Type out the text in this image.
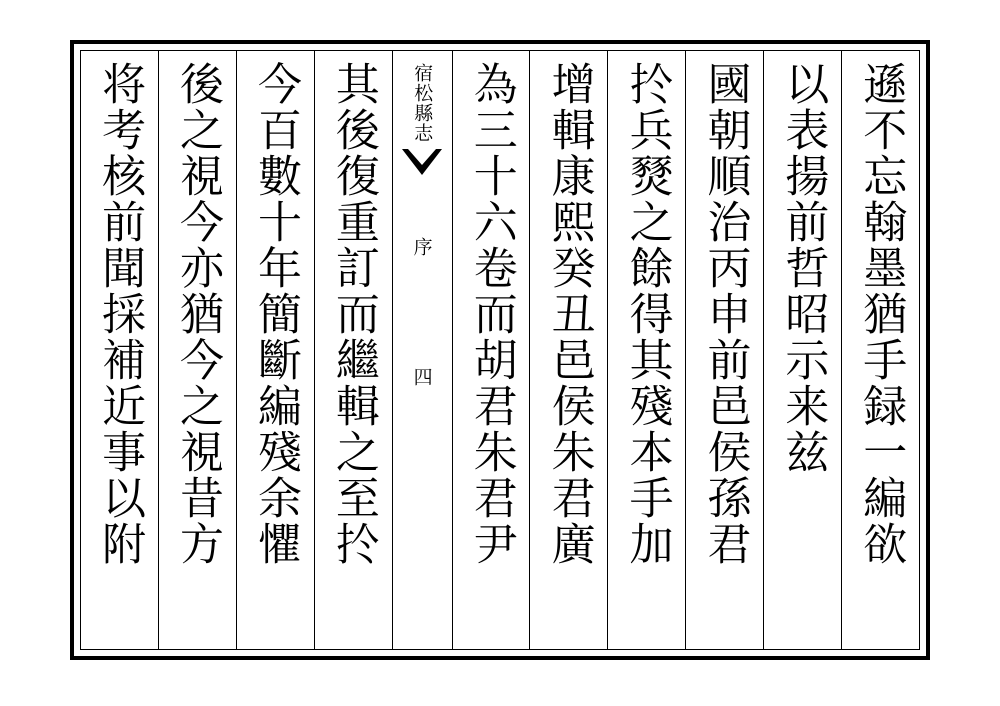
遜不忘翰墨猶手録一編欲
以表揚前哲昭示来兹
國朝順治丙申前邑侯孫君
扵兵燹之餘得其殘本手加
增輯康熙癸丑邑侯朱君廣
為三十六卷而胡君朱君尹
宿松縣志
序
四
其後復重訂而繼輯之至扵
今百數十年簡斷編殘余懼
後之視今亦猶今之視昔方
将考核前聞採補近事以附
